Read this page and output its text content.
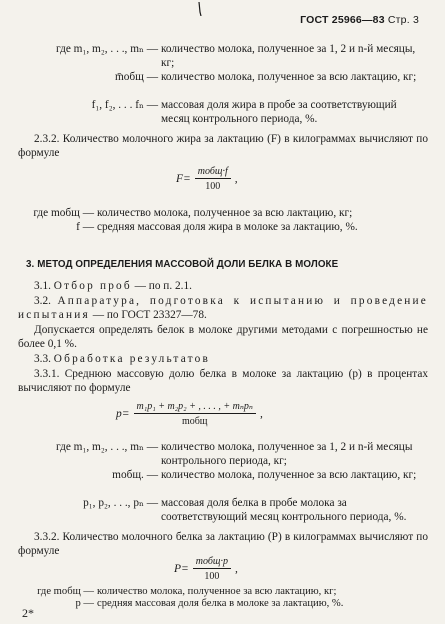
ГОСТ 25966—83 Стр. 3
где m₁, m₂, . . ., mₙ — количество молока, полученное за 1, 2 и n-й месяцы, кг;
m̄общ — количество молока, полученное за всю лактацию, кг;
f₁, f₂, . . . fₙ — массовая доля жира в пробе за соответствующий месяц контрольного периода, %.
2.3.2. Количество молочного жира за лактацию (F) в килограммах вычисляют по формуле
$F= \frac{\text{mобщ·f}}{100}$ ,
где mобщ — количество молока, полученное за всю лактацию, кг;
f — средняя массовая доля жира в молоке за лактацию, %.
3. МЕТОД ОПРЕДЕЛЕНИЯ МАССОВОЙ ДОЛИ БЕЛКА В МОЛОКЕ
3.1. Отбор проб — по п. 2.1.
3.2. Аппаратура, подготовка к испытанию и проведение испытания — по ГОСТ 23327—78.
Допускается определять белок в молоке другими методами с погрешностью не более 0,1 %.
3.3. Обработка результатов
3.3.1. Среднюю массовую долю белка в молоке за лактацию (p) в процентах вычисляют по формуле
$p= \frac{\text{m₁p₁ + m₂p₂ + , . . . , + mₙpₙ}}{\text{mобщ}}$ ,
где m₁, m₂, . . ., mₙ — количество молока, полученное за 1, 2 и n-й месяцы контрольного периода, кг;
mобщ. — количество молока, полученное за всю лактацию, кг;
p₁, p₂, . . ., pₙ — массовая доля белка в пробе молока за соответствующий месяц контрольного периода, %.
3.3.2. Количество молочного белка за лактацию (P) в килограммах вычисляют по формуле
$P= \frac{\text{mобщ·p}}{100}$ ,
где mобщ — количество молока, полученное за всю лактацию, кг;
p — средняя массовая доля белка в молоке за лактацию, %.
2*
